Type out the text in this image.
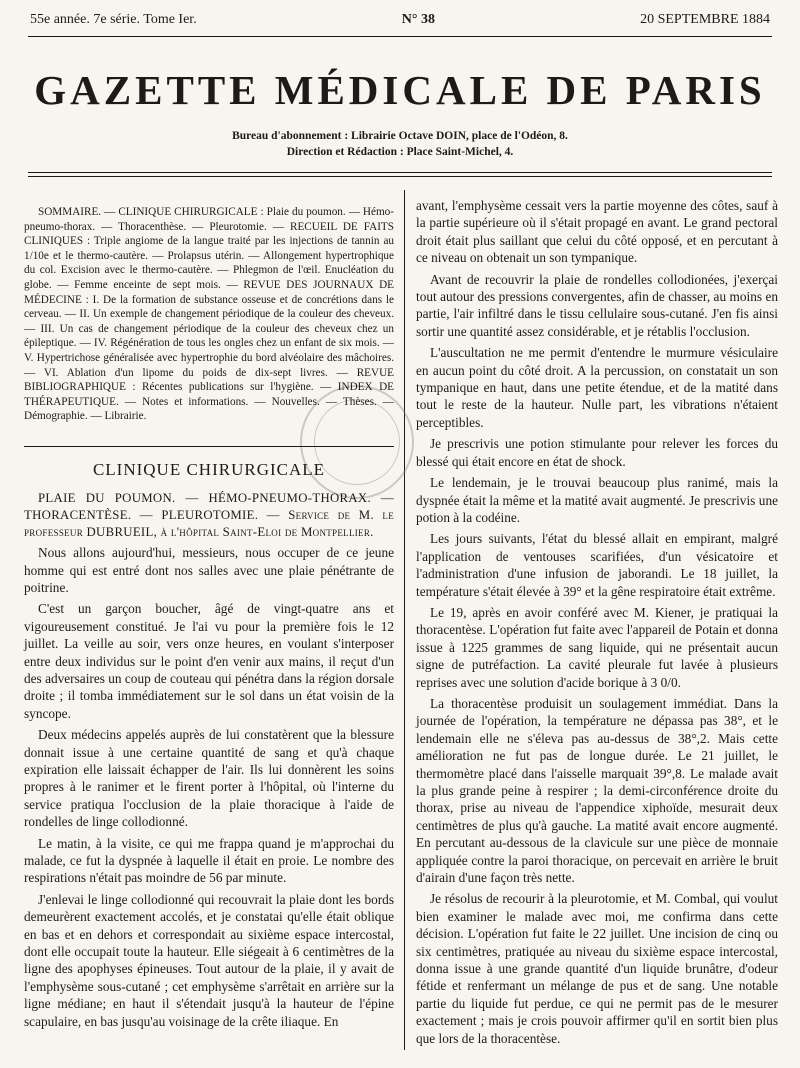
55e année. 7e série. Tome Ier.	N° 38	20 SEPTEMBRE 1884
GAZETTE MÉDICALE DE PARIS
Bureau d'abonnement : Librairie Octave DOIN, place de l'Odéon, 8.
Direction et Rédaction : Place Saint-Michel, 4.

SOMMAIRE. — CLINIQUE CHIRURGICALE : Plaie du poumon. — Hémo-pneumo-thorax. — Thoracenthèse. — Pleurotomie. — RECUEIL DE FAITS CLINIQUES : Triple angiome de la langue traité par les injections de tannin au 1/10e et le thermo-cautère. — Prolapsus utérin. — Allongement hypertrophique du col. Excision avec le thermo-cautère. — Phlegmon de l'œil. Enucléation du globe. — Femme enceinte de sept mois. — REVUE DES JOURNAUX DE MÉDECINE : I. De la formation de substance osseuse et de concrétions dans le cerveau. — II. Un exemple de changement périodique de la couleur des cheveux. — III. Un cas de changement périodique de la couleur des cheveux chez un épileptique. — IV. Régénération de tous les ongles chez un enfant de six mois. — V. Hypertrichose généralisée avec hypertrophie du bord alvéolaire des mâchoires. — VI. Ablation d'un lipome du poids de dix-sept livres. — REVUE BIBLIOGRAPHIQUE : Récentes publications sur l'hygiène. — INDEX DE THÉRAPEUTIQUE. — Notes et informations. — Nouvelles. — Thèses. — Démographie. — Librairie.

CLINIQUE CHIRURGICALE

PLAIE DU POUMON. — HÉMO-PNEUMO-THORAX. — THORACENTÈSE. — PLEUROTOMIE. — Service de M. le professeur DUBRUEIL, à l'hôpital Saint-Eloi de Montpellier.

Nous allons aujourd'hui, messieurs, nous occuper de ce jeune homme qui est entré dont nos salles avec une plaie pénétrante de poitrine.

C'est un garçon boucher, âgé de vingt-quatre ans et vigoureusement constitué. Je l'ai vu pour la première fois le 12 juillet. La veille au soir, vers onze heures, en voulant s'interposer entre deux individus sur le point d'en venir aux mains, il reçut d'un des adversaires un coup de couteau qui pénétra dans la région dorsale droite ; il tomba immédiatement sur le sol dans un état voisin de la syncope.

Deux médecins appelés auprès de lui constatèrent que la blessure donnait issue à une certaine quantité de sang et qu'à chaque expiration elle laissait échapper de l'air. Ils lui donnèrent les soins propres à le ranimer et le firent porter à l'hôpital, où l'interne du service pratiqua l'occlusion de la plaie thoracique à l'aide de rondelles de linge collodionné.

Le matin, à la visite, ce qui me frappa quand je m'approchai du malade, ce fut la dyspnée à laquelle il était en proie. Le nombre des respirations n'était pas moindre de 56 par minute.

J'enlevai le linge collodionné qui recouvrait la plaie dont les bords demeurèrent exactement accolés, et je constatai qu'elle était oblique en bas et en dehors et correspondait au sixième espace intercostal, dont elle occupait toute la hauteur. Elle siégeait à 6 centimètres de la ligne des apophyses épineuses. Tout autour de la plaie, il y avait de l'emphysème sous-cutané ; cet emphysème s'arrêtait en arrière sur la ligne médiane; en haut il s'étendait jusqu'à la hauteur de l'épine scapulaire, en bas jusqu'au voisinage de la crête iliaque. En

avant, l'emphysème cessait vers la partie moyenne des côtes, sauf à la partie supérieure où il s'était propagé en avant. Le grand pectoral droit était plus saillant que celui du côté opposé, et en percutant à ce niveau on obtenait un son tympanique.

Avant de recouvrir la plaie de rondelles collodionées, j'exerçai tout autour des pressions convergentes, afin de chasser, au moins en partie, l'air infiltré dans le tissu cellulaire sous-cutané. J'en fis ainsi sortir une quantité assez considérable, et je rétablis l'occlusion.

L'auscultation ne me permit d'entendre le murmure vésiculaire en aucun point du côté droit. A la percussion, on constatait un son tympanique en haut, dans une petite étendue, et de la matité dans tout le reste de la hauteur. Nulle part, les vibrations n'étaient perceptibles.

Je prescrivis une potion stimulante pour relever les forces du blessé qui était encore en état de shock.

Le lendemain, je le trouvai beaucoup plus ranimé, mais la dyspnée était la même et la matité avait augmenté. Je prescrivis une potion à la codéine.

Les jours suivants, l'état du blessé allait en empirant, malgré l'application de ventouses scarifiées, d'un vésicatoire et l'administration d'une infusion de jaborandi. Le 18 juillet, la température s'était élevée à 39° et la gêne respiratoire était extrême.

Le 19, après en avoir conféré avec M. Kiener, je pratiquai la thoracentèse. L'opération fut faite avec l'appareil de Potain et donna issue à 1225 grammes de sang liquide, qui ne présentait aucun signe de putréfaction. La cavité pleurale fut lavée à plusieurs reprises avec une solution d'acide borique à 3 0/0.

La thoracentèse produisit un soulagement immédiat. Dans la journée de l'opération, la température ne dépassa pas 38°, et le lendemain elle ne s'éleva pas au-dessus de 38°,2. Mais cette amélioration ne fut pas de longue durée. Le 21 juillet, le thermomètre placé dans l'aisselle marquait 39°,8. Le malade avait la plus grande peine à respirer ; la demi-circonférence droite du thorax, prise au niveau de l'appendice xiphoïde, mesurait deux centimètres de plus qu'à gauche. La matité avait encore augmenté. En percutant au-dessous de la clavicule sur une pièce de monnaie appliquée contre la paroi thoracique, on percevait en arrière le bruit d'airain d'une façon très nette.

Je résolus de recourir à la pleurotomie, et M. Combal, qui voulut bien examiner le malade avec moi, me confirma dans cette décision. L'opération fut faite le 22 juillet. Une incision de cinq ou six centimètres, pratiquée au niveau du sixième espace intercostal, donna issue à une grande quantité d'un liquide brunâtre, d'odeur fétide et renfermant un mélange de pus et de sang. Une notable partie du liquide fut perdue, ce qui ne permit pas de le mesurer exactement ; mais je crois pouvoir affirmer qu'il en sortit bien plus que lors de la thoracentèse.
